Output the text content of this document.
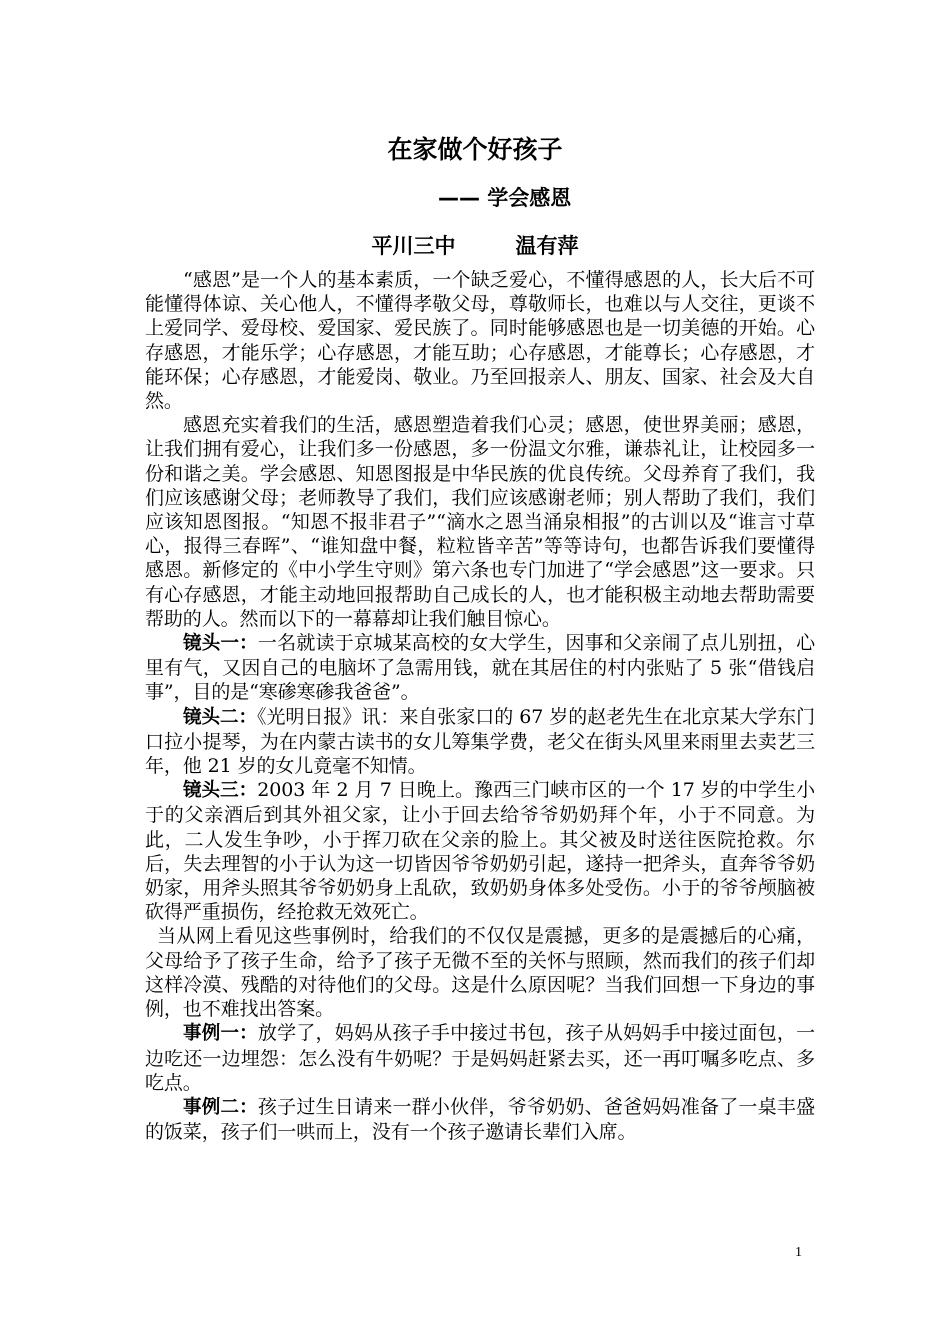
在家做个好孩子
—— 学会感恩
平川三中	温有萍

“感恩”是一个人的基本素质，一个缺乏爱心，不懂得感恩的人，长大后不可能懂得体谅、关心他人，不懂得孝敬父母，尊敬师长，也难以与人交往，更谈不上爱同学、爱母校、爱国家、爱民族了。同时能够感恩也是一切美德的开始。心存感恩，才能乐学；心存感恩，才能互助；心存感恩，才能尊长；心存感恩，才能环保；心存感恩，才能爱岗、敬业。乃至回报亲人、朋友、国家、社会及大自然。

感恩充实着我们的生活，感恩塑造着我们心灵；感恩，使世界美丽；感恩，让我们拥有爱心，让我们多一份感恩，多一份温文尔雅，谦恭礼让，让校园多一份和谐之美。学会感恩、知恩图报是中华民族的优良传统。父母养育了我们，我们应该感谢父母；老师教导了我们，我们应该感谢老师；别人帮助了我们，我们应该知恩图报。“知恩不报非君子”“滴水之恩当涌泉相报”的古训以及“谁言寸草心，报得三春晖”、“谁知盘中餐，粒粒皆辛苦”等等诗句，也都告诉我们要懂得感恩。新修定的《中小学生守则》第六条也专门加进了“学会感恩”这一要求。只有心存感恩，才能主动地回报帮助自己成长的人，也才能积极主动地去帮助需要帮助的人。然而以下的一幕幕却让我们触目惊心。

镜头一：一名就读于京城某高校的女大学生，因事和父亲闹了点儿别扭，心里有气，又因自己的电脑坏了急需用钱，就在其居住的村内张贴了 5 张“借钱启事”，目的是“寒碜寒碜我爸爸”。

镜头二：《光明日报》讯：来自张家口的 67 岁的赵老先生在北京某大学东门口拉小提琴，为在内蒙古读书的女儿筹集学费，老父在街头风里来雨里去卖艺三年，他 21 岁的女儿竟毫不知情。

镜头三：2003 年 2 月 7 日晚上。豫西三门峡市区的一个 17 岁的中学生小于的父亲酒后到其外祖父家，让小于回去给爷爷奶奶拜个年，小于不同意。为此，二人发生争吵，小于挥刀砍在父亲的脸上。其父被及时送往医院抢救。尔后，失去理智的小于认为这一切皆因爷爷奶奶引起，遂持一把斧头，直奔爷爷奶奶家，用斧头照其爷爷奶奶身上乱砍，致奶奶身体多处受伤。小于的爷爷颅脑被砍得严重损伤，经抢救无效死亡。

当从网上看见这些事例时，给我们的不仅仅是震撼，更多的是震撼后的心痛，父母给予了孩子生命，给予了孩子无微不至的关怀与照顾，然而我们的孩子们却这样冷漠、残酷的对待他们的父母。这是什么原因呢？当我们回想一下身边的事例，也不难找出答案。

事例一：放学了，妈妈从孩子手中接过书包，孩子从妈妈手中接过面包，一边吃还一边埋怨：怎么没有牛奶呢？于是妈妈赶紧去买，还一再叮嘱多吃点、多吃点。

事例二：孩子过生日请来一群小伙伴，爷爷奶奶、爸爸妈妈准备了一桌丰盛的饭菜，孩子们一哄而上，没有一个孩子邀请长辈们入席。

1
